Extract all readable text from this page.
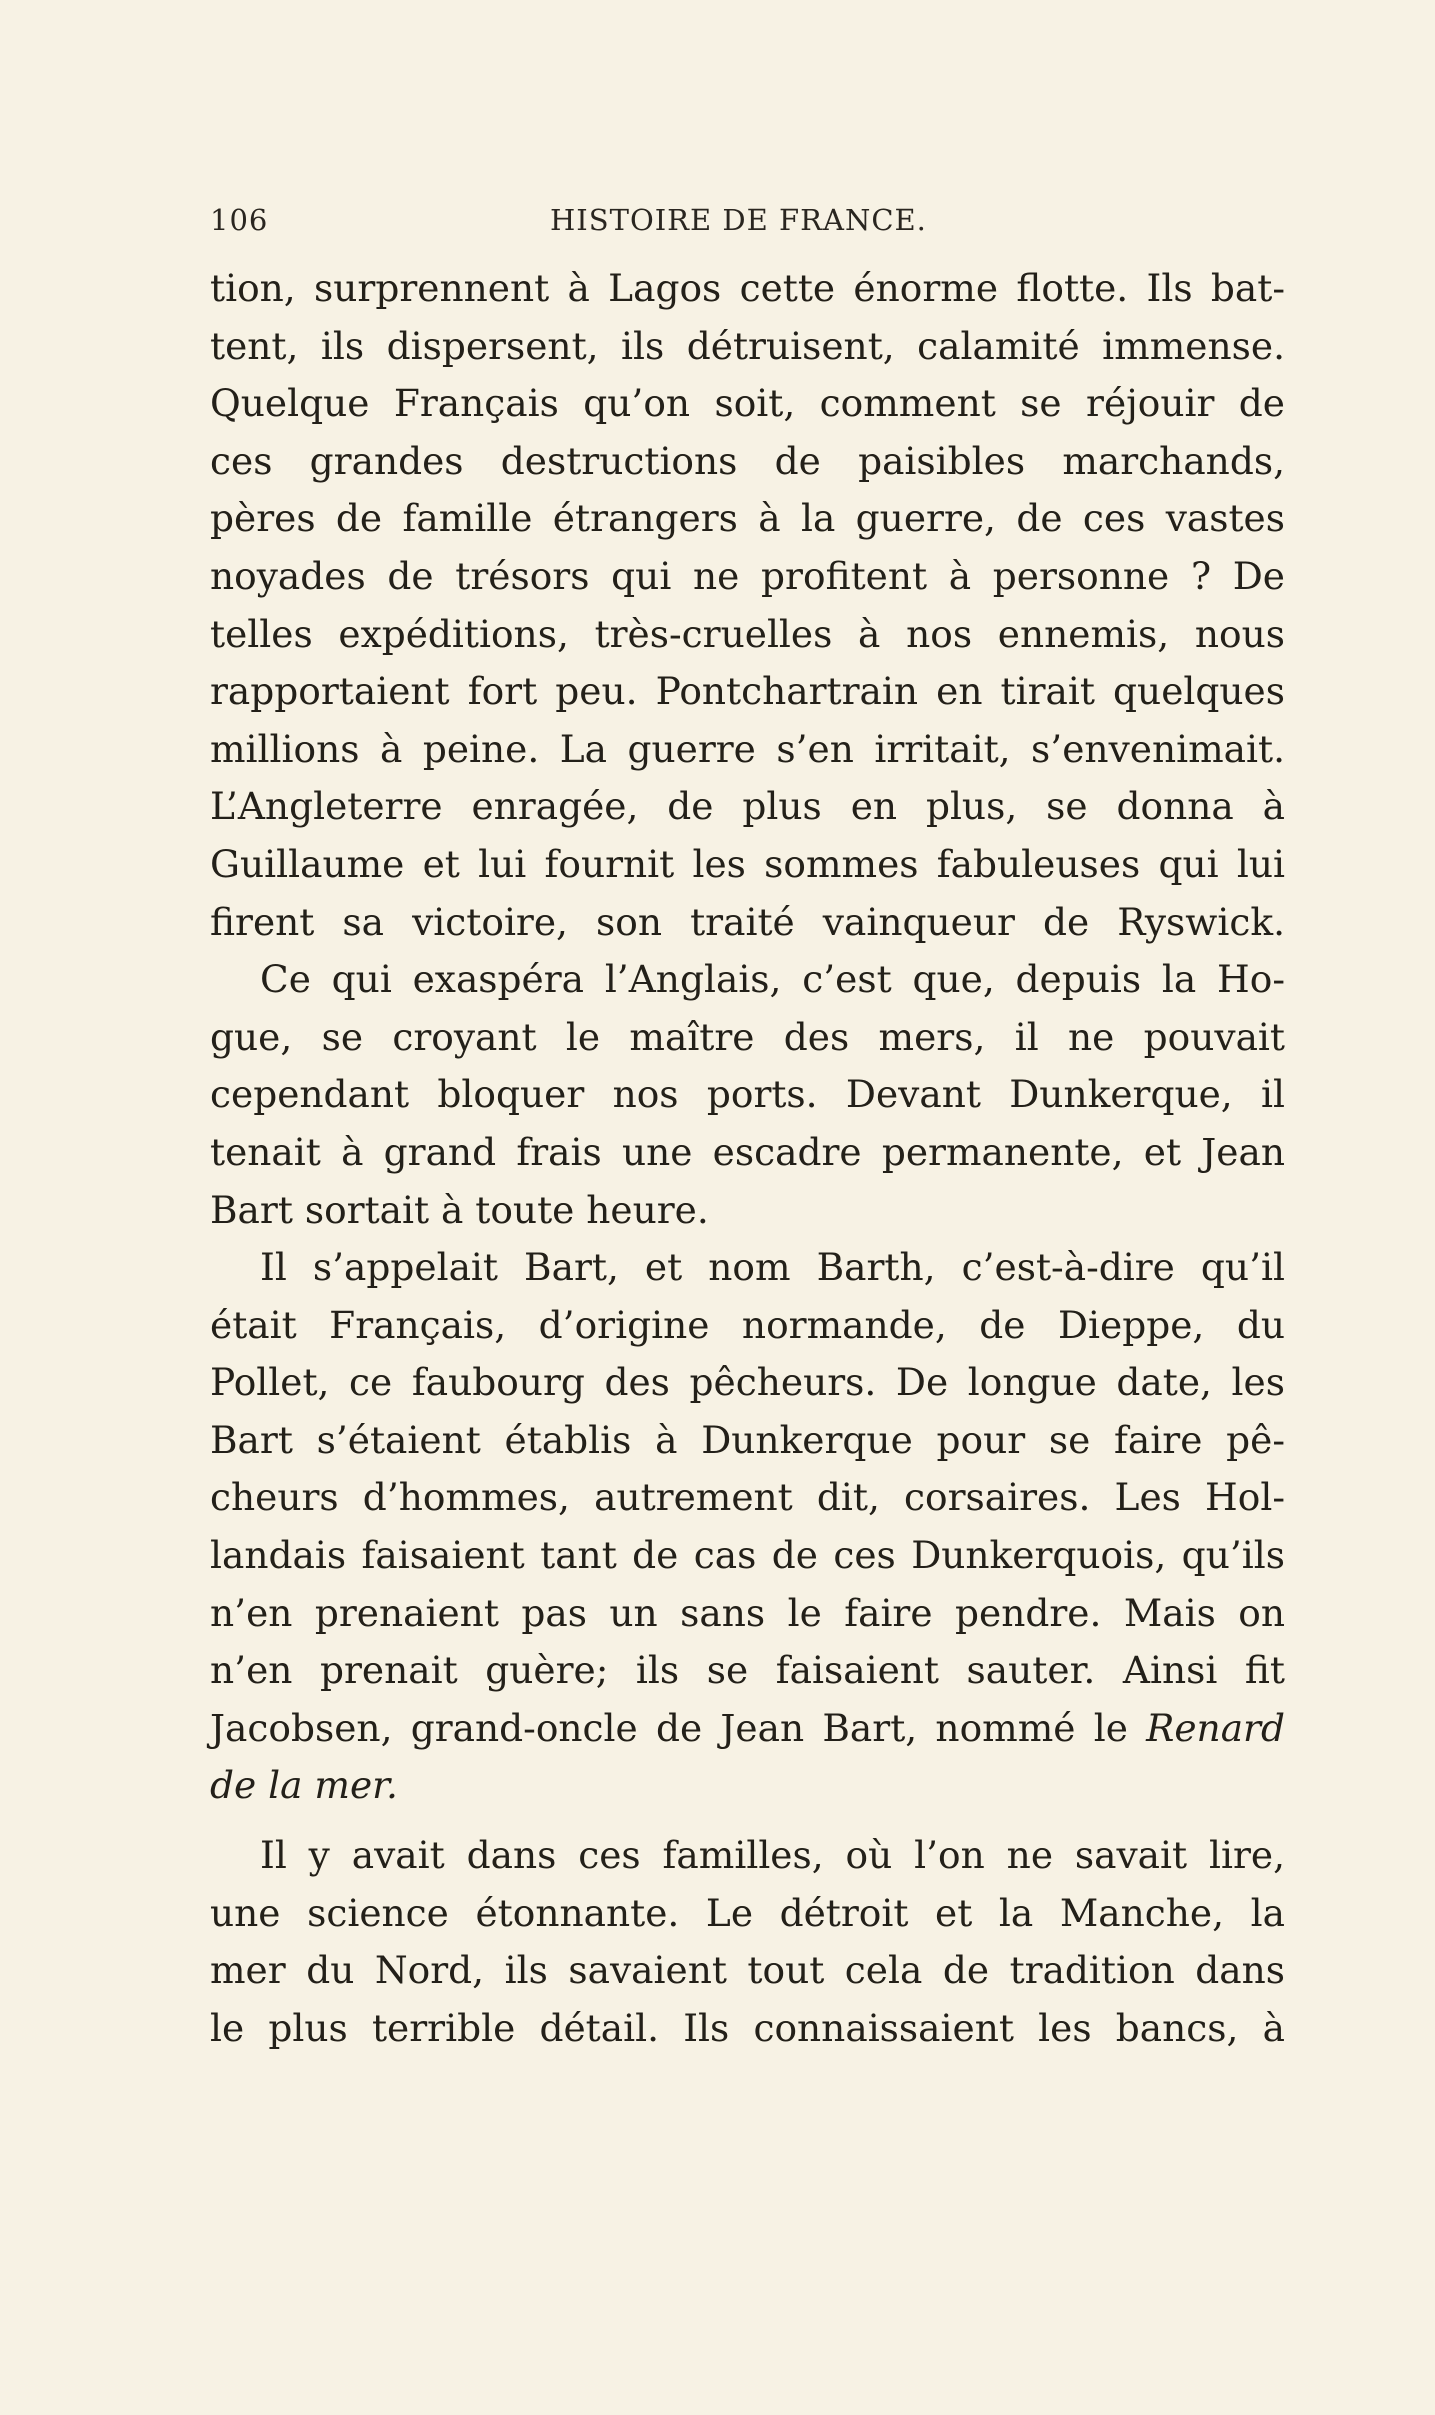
106	HISTOIRE DE FRANCE.
tion, surprennent à Lagos cette énorme flotte. Ils bat-
tent, ils dispersent, ils détruisent, calamité immense.
Quelque Français qu’on soit, comment se réjouir de
ces grandes destructions de paisibles marchands,
pères de famille étrangers à la guerre, de ces vastes
noyades de trésors qui ne profitent à personne ? De
telles expéditions, très-cruelles à nos ennemis, nous
rapportaient fort peu. Pontchartrain en tirait quelques
millions à peine. La guerre s’en irritait, s’envenimait.
L’Angleterre enragée, de plus en plus, se donna à
Guillaume et lui fournit les sommes fabuleuses qui lui
firent sa victoire, son traité vainqueur de Ryswick.
Ce qui exaspéra l’Anglais, c’est que, depuis la Ho-
gue, se croyant le maître des mers, il ne pouvait
cependant bloquer nos ports. Devant Dunkerque, il
tenait à grand frais une escadre permanente, et Jean
Bart sortait à toute heure.
Il s’appelait Bart, et nom Barth, c’est-à-dire qu’il
était Français, d’origine normande, de Dieppe, du
Pollet, ce faubourg des pêcheurs. De longue date, les
Bart s’étaient établis à Dunkerque pour se faire pê-
cheurs d’hommes, autrement dit, corsaires. Les Hol-
landais faisaient tant de cas de ces Dunkerquois, qu’ils
n’en prenaient pas un sans le faire pendre. Mais on
n’en prenait guère; ils se faisaient sauter. Ainsi fit
Jacobsen, grand-oncle de Jean Bart, nommé le Renard
de la mer.
Il y avait dans ces familles, où l’on ne savait lire,
une science étonnante. Le détroit et la Manche, la
mer du Nord, ils savaient tout cela de tradition dans
le plus terrible détail. Ils connaissaient les bancs, à
